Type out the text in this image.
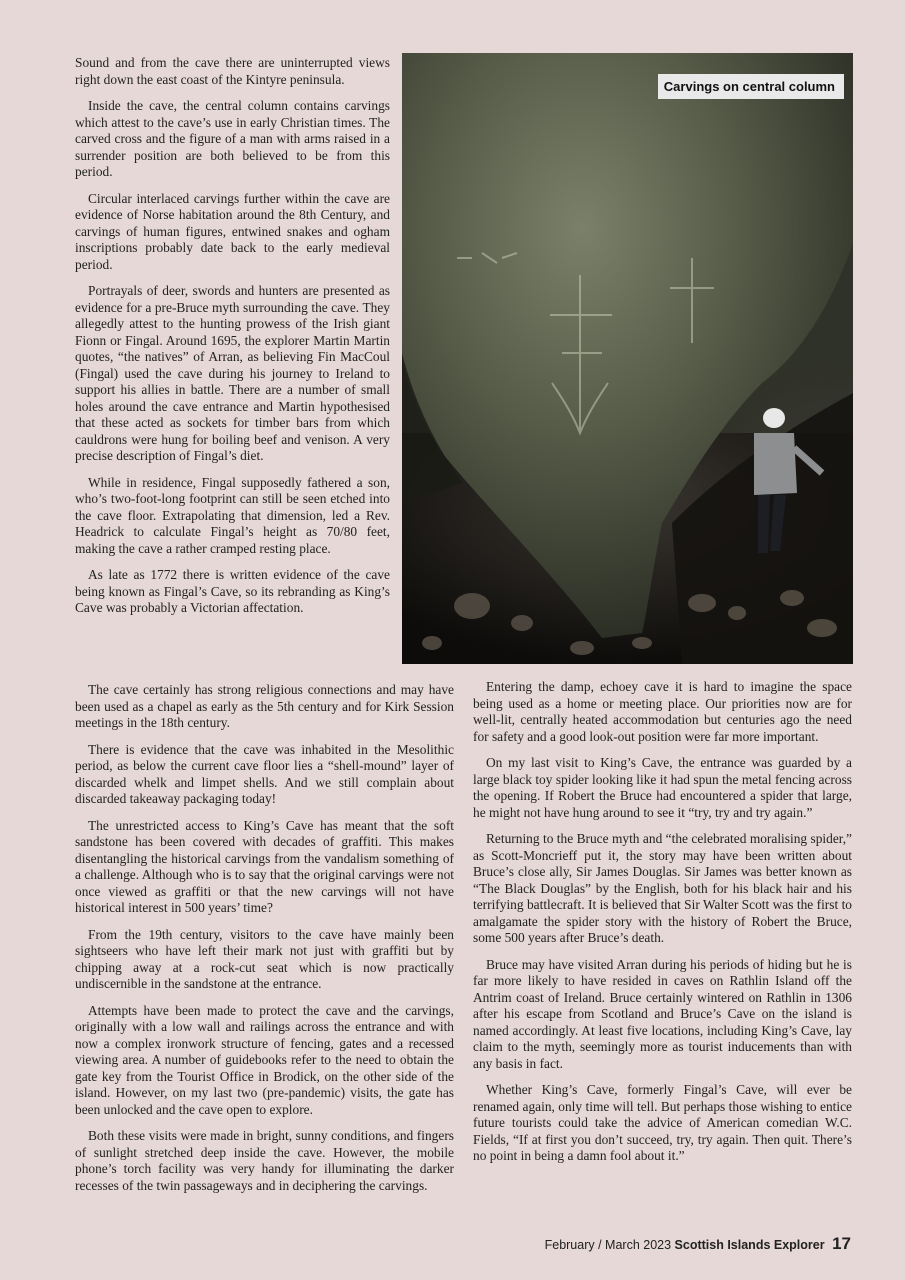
Sound and from the cave there are uninterrupted views right down the east coast of the Kintyre peninsula.

Inside the cave, the central column contains carvings which attest to the cave’s use in early Christian times. The carved cross and the figure of a man with arms raised in a surrender position are both believed to be from this period.

Circular interlaced carvings further within the cave are evidence of Norse habitation around the 8th Century, and carvings of human figures, entwined snakes and ogham inscriptions probably date back to the early medieval period.

Portrayals of deer, swords and hunters are presented as evidence for a pre-Bruce myth surrounding the cave. They allegedly attest to the hunting prowess of the Irish giant Fionn or Fingal. Around 1695, the explorer Martin Martin quotes, “the natives” of Arran, as believing Fin MacCoul (Fingal) used the cave during his journey to Ireland to support his allies in battle. There are a number of small holes around the cave entrance and Martin hypothesised that these acted as sockets for timber bars from which cauldrons were hung for boiling beef and venison. A very precise description of Fingal’s diet.

While in residence, Fingal supposedly fathered a son, who’s two-foot-long footprint can still be seen etched into the cave floor. Extrapolating that dimension, led a Rev. Headrick to calculate Fingal’s height as 70/80 feet, making the cave a rather cramped resting place.

As late as 1772 there is written evidence of the cave being known as Fingal’s Cave, so its rebranding as King’s Cave was probably a Victorian affectation.

Carvings on central column

The cave certainly has strong religious connections and may have been used as a chapel as early as the 5th century and for Kirk Session meetings in the 18th century.

There is evidence that the cave was inhabited in the Mesolithic period, as below the current cave floor lies a “shell-mound” layer of discarded whelk and limpet shells. And we still complain about discarded takeaway packaging today!

The unrestricted access to King’s Cave has meant that the soft sandstone has been covered with decades of graffiti. This makes disentangling the historical carvings from the vandalism something of a challenge. Although who is to say that the original carvings were not once viewed as graffiti or that the new carvings will not have historical interest in 500 years’ time?

From the 19th century, visitors to the cave have mainly been sightseers who have left their mark not just with graffiti but by chipping away at a rock-cut seat which is now practically undiscernible in the sandstone at the entrance.

Attempts have been made to protect the cave and the carvings, originally with a low wall and railings across the entrance and with now a complex ironwork structure of fencing, gates and a recessed viewing area. A number of guidebooks refer to the need to obtain the gate key from the Tourist Office in Brodick, on the other side of the island. However, on my last two (pre-pandemic) visits, the gate has been unlocked and the cave open to explore.

Both these visits were made in bright, sunny conditions, and fingers of sunlight stretched deep inside the cave. However, the mobile phone’s torch facility was very handy for illuminating the darker recesses of the twin passageways and in deciphering the carvings.

Entering the damp, echoey cave it is hard to imagine the space being used as a home or meeting place. Our priorities now are for well-lit, centrally heated accommodation but centuries ago the need for safety and a good look-out position were far more important.

On my last visit to King’s Cave, the entrance was guarded by a large black toy spider looking like it had spun the metal fencing across the opening. If Robert the Bruce had encountered a spider that large, he might not have hung around to see it “try, try and try again.”

Returning to the Bruce myth and “the celebrated moralising spider,” as Scott-Moncrieff put it, the story may have been written about Bruce’s close ally, Sir James Douglas. Sir James was better known as “The Black Douglas” by the English, both for his black hair and his terrifying battlecraft. It is believed that Sir Walter Scott was the first to amalgamate the spider story with the history of Robert the Bruce, some 500 years after Bruce’s death.

Bruce may have visited Arran during his periods of hiding but he is far more likely to have resided in caves on Rathlin Island off the Antrim coast of Ireland. Bruce certainly wintered on Rathlin in 1306 after his escape from Scotland and Bruce’s Cave on the island is named accordingly. At least five locations, including King’s Cave, lay claim to the myth, seemingly more as tourist inducements than with any basis in fact.

Whether King’s Cave, formerly Fingal’s Cave, will ever be renamed again, only time will tell. But perhaps those wishing to entice future tourists could take the advice of American comedian W.C. Fields, “If at first you don’t succeed, try, try again. Then quit. There’s no point in being a damn fool about it.”

February / March 2023 Scottish Islands Explorer 17
